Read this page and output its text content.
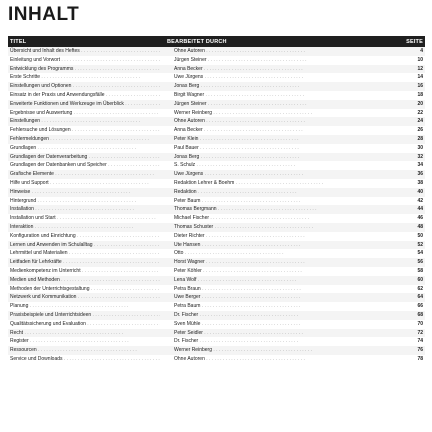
INHALT
TITEL	BEARBEITET DURCH	SEITE
Übersicht und Inhalt des Heftes . . .	Ohne Autoren . . .	4
Einleitung und Vorwort . . .	Jürgen Steiner . . .	10
Entwicklung des Programms . . .	Anna Becker . . .	12
Erste Schritte . . .	Uwe Jürgens . . .	14
Einstellungen und Optionen . . .	Jonas Berg . . .	16
Einsatz in der Praxis und Anwendungsfälle . . .	Birgit Wagner . . .	18
Erweiterte Funktionen und Werkzeuge im Überblick . . .	Jürgen Steiner . . .	20
Ergebnisse und Auswertung . . .	Werner Reinberg . . .	22
Einstellungen . . .	Ohne Autoren . . .	24
Fehlersuche und Lösungen . . .	Anna Becker . . .	26
Fehlermeldungen . . .	Peter Klein . . .	28
Grundlagen . . .	Paul Bauer . . .	30
Grundlagen der Datenverarbeitung . . .	Jonas Berg . . .	32
Grundlagen der Datenbanken und Speicher . . .	S. Schulz . . .	34
Grafische Elemente . . .	Uwe Jürgens . . .	36
Hilfe und Support . . .	Redaktion Lehrer & Boehm . . .	38
Hinweise . . .	Redaktion . . .	40
Hintergrund . . .	Peter Baum . . .	42
Installation . . .	Thomas Bergmann . . .	44
Installation und Start . . .	Michael Fischer . . .	46
Interaktion . . .	Thomas Schuster . . .	48
Konfiguration und Einrichtung . . .	Dieter Richter . . .	50
Lernen und Anwenden im Schulalltag . . .	Ute Hansen . . .	52
Lehrmittel und Materialien . . .	Otto . . .	54
Leitfaden für Lehrkräfte . . .	Horst Wagner . . .	56
Medienkompetenz im Unterricht . . .	Peter Köhler . . .	58
Medien und Methoden . . .	Lena Wolf . . .	60
Methoden der Unterrichtsgestaltung . . .	Petra Braun . . .	62
Netzwerk und Kommunikation . . .	Uwe Berger . . .	64
Planung . . .	Petra Baum . . .	66
Praxisbeispiele und Unterrichtsideen . . .	Dr. Fischer . . .	68
Qualitätssicherung und Evaluation . . .	Sven Mühle . . .	70
Recht . . .	Peter Seidler . . .	72
Register . . .	Dr. Fischer . . .	74
Ressourcen . . .	Werner Reinberg . . .	76
Service und Downloads . . .	Ohne Autoren . . .	78
